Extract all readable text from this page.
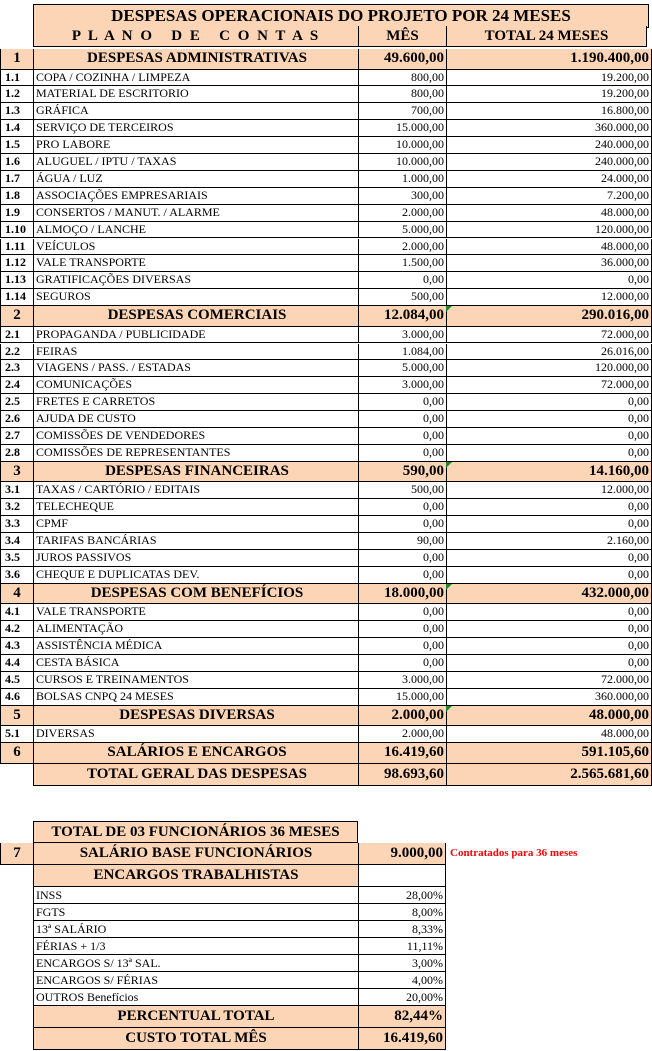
DESPESAS OPERACIONAIS DO PROJETO POR 24 MESES
P L A N O   D E   C O N T A S	MÊS	TOTAL 24 MESES
1	DESPESAS ADMINISTRATIVAS	49.600,00	1.190.400,00
1.1	COPA / COZINHA / LIMPEZA	800,00	19.200,00
1.2	MATERIAL DE ESCRITORIO	800,00	19.200,00
1.3	GRÁFICA	700,00	16.800,00
1.4	SERVIÇO DE TERCEIROS	15.000,00	360.000,00
1.5	PRO LABORE	10.000,00	240.000,00
1.6	ALUGUEL / IPTU / TAXAS	10.000,00	240.000,00
1.7	ÁGUA / LUZ	1.000,00	24.000,00
1.8	ASSOCIAÇÕES EMPRESARIAIS	300,00	7.200,00
1.9	CONSERTOS / MANUT. / ALARME	2.000,00	48.000,00
1.10 ALMOÇO / LANCHE	5.000,00	120.000,00
1.11 VEÍCULOS	2.000,00	48.000,00
1.12 VALE TRANSPORTE	1.500,00	36.000,00
1.13 GRATIFICAÇÕES DIVERSAS	0,00	0,00
1.14 SEGUROS	500,00	12.000,00
2	DESPESAS COMERCIAIS	12.084,00	290.016,00
2.1	PROPAGANDA / PUBLICIDADE	3.000,00	72.000,00
2.2	FEIRAS	1.084,00	26.016,00
2.3	VIAGENS / PASS. / ESTADAS	5.000,00	120.000,00
2.4	COMUNICAÇÕES	3.000,00	72.000,00
2.5	FRETES E CARRETOS	0,00	0,00
2.6	AJUDA DE CUSTO	0,00	0,00
2.7	COMISSÕES DE VENDEDORES	0,00	0,00
2.8	COMISSÕES DE REPRESENTANTES	0,00	0,00
3	DESPESAS FINANCEIRAS	590,00	14.160,00
3.1	TAXAS / CARTÓRIO / EDITAIS	500,00	12.000,00
3.2	TELECHEQUE	0,00	0,00
3.3	CPMF	0,00	0,00
3.4	TARIFAS BANCÁRIAS	90,00	2.160,00
3.5	JUROS PASSIVOS	0,00	0,00
3.6	CHEQUE E DUPLICATAS DEV.	0,00	0,00
4	DESPESAS COM BENEFÍCIOS	18.000,00	432.000,00
4.1	VALE TRANSPORTE	0,00	0,00
4.2	ALIMENTAÇÃO	0,00	0,00
4.3	ASSISTÊNCIA MÉDICA	0,00	0,00
4.4	CESTA BÁSICA	0,00	0,00
4.5	CURSOS E TREINAMENTOS	3.000,00	72.000,00
4.6	BOLSAS CNPQ 24 MESES	15.000,00	360.000,00
5	DESPESAS DIVERSAS	2.000,00	48.000,00
5.1	DIVERSAS	2.000,00	48.000,00
6	SALÁRIOS E ENCARGOS	16.419,60	591.105,60
TOTAL GERAL DAS DESPESAS	98.693,60	2.565.681,60
TOTAL DE 03 FUNCIONÁRIOS 36 MESES
7	SALÁRIO BASE FUNCIONÁRIOS	9.000,00 Contratados para 36 meses
ENCARGOS TRABALHISTAS
INSS	28,00%
FGTS	8,00%
13ª SALÁRIO	8,33%
FÉRIAS + 1/3	11,11%
ENCARGOS S/ 13ª SAL.	3,00%
ENCARGOS S/ FÉRIAS	4,00%
OUTROS Benefícios	20,00%
PERCENTUAL TOTAL	82,44%
CUSTO TOTAL MÊS	16.419,60
